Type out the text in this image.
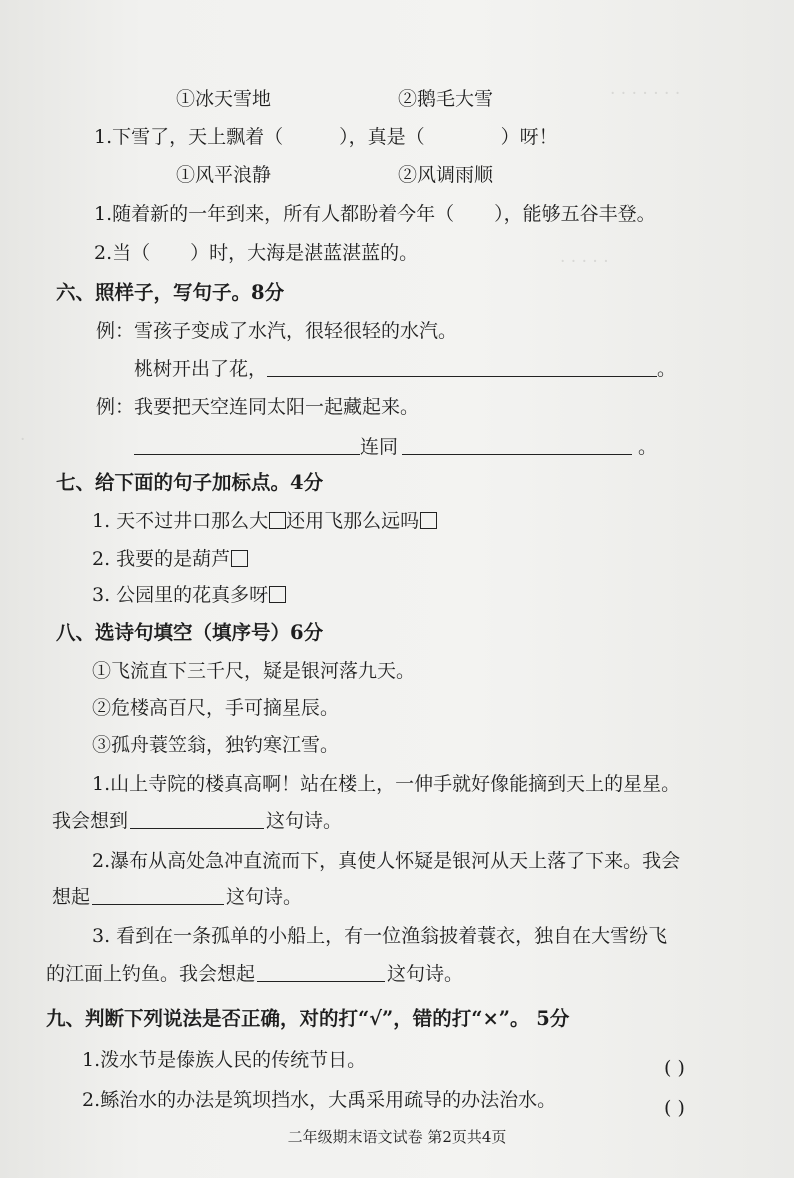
· · · · · · ·
· · · · ·
·
①冰天雪地	②鹅毛大雪
1.下雪了，天上飘着（	），真是（	）呀！
①风平浪静	②风调雨顺
1.随着新的一年到来，所有人都盼着今年（ ），能够五谷丰登。
2.当（ ）时，大海是湛蓝湛蓝的。
六、照样子，写句子。8分
例：雪孩子变成了水汽，很轻很轻的水汽。
桃树开出了花，	。
例：我要把天空连同太阳一起藏起来。
连同	。
七、给下面的句子加标点。4分
1. 天不过井口那么大 还用飞那么远吗
2. 我要的是葫芦
3. 公园里的花真多呀
八、选诗句填空（填序号）6分
①飞流直下三千尺，疑是银河落九天。
②危楼高百尺，手可摘星辰。
③孤舟蓑笠翁，独钓寒江雪。
1.山上寺院的楼真高啊！站在楼上，一伸手就好像能摘到天上的星星。
我会想到	这句诗。
2.瀑布从高处急冲直流而下，真使人怀疑是银河从天上落了下来。我会
想起	这句诗。
3. 看到在一条孤单的小船上，有一位渔翁披着蓑衣，独自在大雪纷飞
的江面上钓鱼。我会想起	这句诗。
九、判断下列说法是否正确，对的打“√”，错的打“×”。 5分
1.泼水节是傣族人民的传统节日。	( )
2.鲧治水的办法是筑坝挡水，大禹采用疏导的办法治水。	( )
二年级期末语文试卷 第2页共4页
